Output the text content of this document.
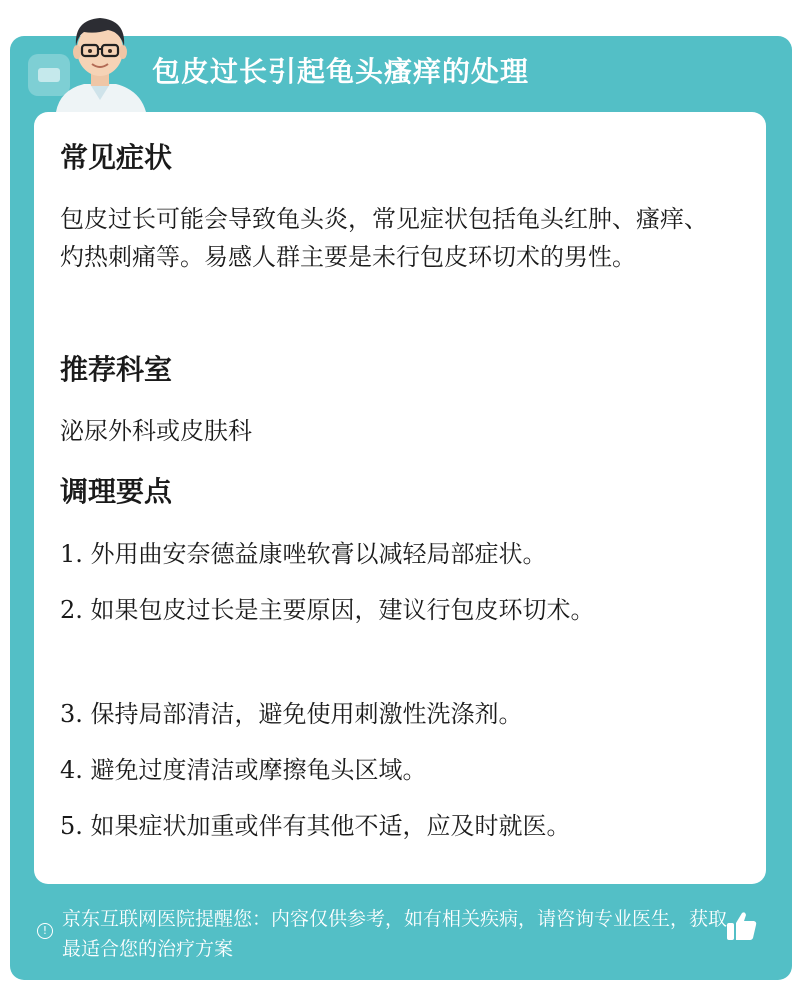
包皮过长引起龟头瘙痒的处理
常见症状
包皮过长可能会导致龟头炎，常见症状包括龟头红肿、瘙痒、灼热刺痛等。易感人群主要是未行包皮环切术的男性。
推荐科室
泌尿外科或皮肤科
调理要点
1. 外用曲安奈德益康唑软膏以减轻局部症状。
2. 如果包皮过长是主要原因，建议行包皮环切术。
3. 保持局部清洁，避免使用刺激性洗涤剂。
4. 避免过度清洁或摩擦龟头区域。
5. 如果症状加重或伴有其他不适，应及时就医。
!
京东互联网医院提醒您：内容仅供参考，如有相关疾病，请咨询专业医生，获取最适合您的治疗方案
